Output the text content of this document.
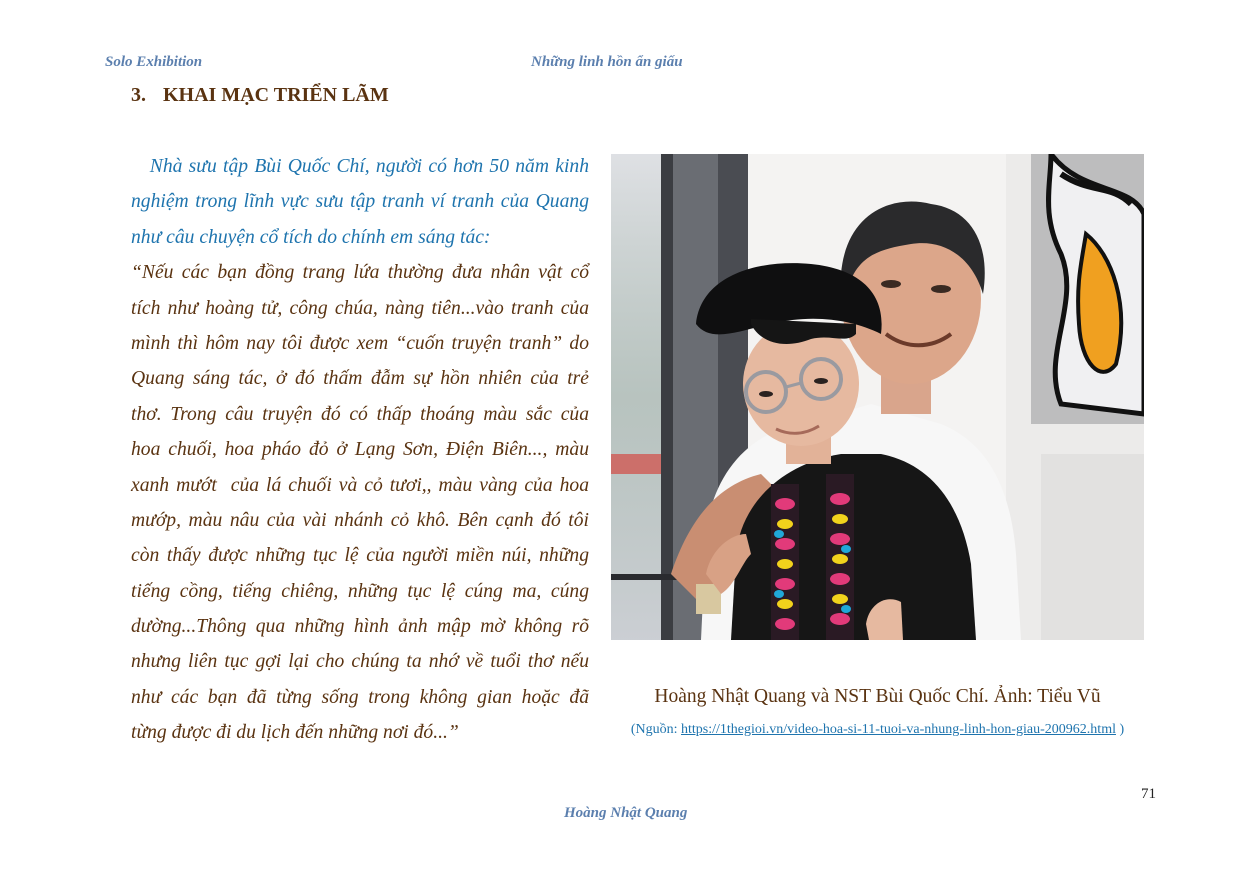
Solo Exhibition	Những linh hồn ẩn giấu
3. KHAI MẠC TRIỂN LÃM
Nhà sưu tập Bùi Quốc Chí, người có hơn 50 năm kinh
nghiệm trong lĩnh vực sưu tập tranh ví tranh của Quang
như câu chuyện cổ tích do chính em sáng tác:
“Nếu các bạn đồng trang lứa thường đưa nhân vật cổ
tích như hoàng tử, công chúa, nàng tiên...vào tranh của
mình thì hôm nay tôi được xem “cuốn truyện tranh” do
Quang sáng tác, ở đó thấm đẫm sự hồn nhiên của trẻ
thơ. Trong câu truyện đó có thấp thoáng màu sắc của
hoa chuối, hoa pháo đỏ ở Lạng Sơn, Điện Biên..., màu
xanh mướt  của lá chuối và cỏ tươi,, màu vàng của hoa
mướp, màu nâu của vài nhánh cỏ khô. Bên cạnh đó tôi
còn thấy được những tục lệ của người miền núi, những
tiếng cồng, tiếng chiêng, những tục lệ cúng ma, cúng
dường...Thông qua những hình ảnh mập mờ không rõ
nhưng liên tục gợi lại cho chúng ta nhớ về tuổi thơ nếu
như các bạn đã từng sống trong không gian hoặc đã
từng được đi du lịch đến những nơi đó...”
Hoàng Nhật Quang và NST Bùi Quốc Chí. Ảnh: Tiểu Vũ
(Nguồn: https://1thegioi.vn/video-hoa-si-11-tuoi-va-nhung-linh-hon-giau-200962.html )
71
Hoàng Nhật Quang
